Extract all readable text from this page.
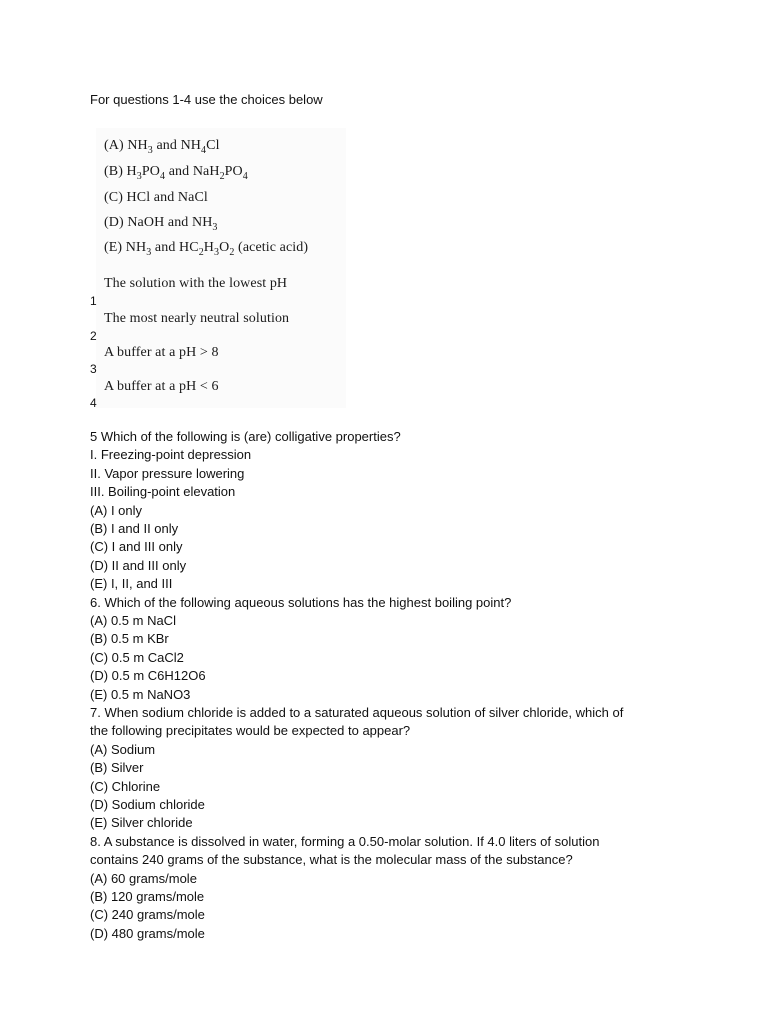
For questions 1-4 use the choices below
(A) $NH_3$ and $NH_4Cl$
(B) $H_3PO_4$ and $NaH_2PO_4$
(C) HCl and NaCl
(D) NaOH and $NH_3$
(E) $NH_3$ and $HC_2H_3O_2$ (acetic acid)
The solution with the lowest pH
The most nearly neutral solution
A buffer at a pH > 8
A buffer at a pH < 6
1
2
3
4
5 Which of the following is (are) colligative properties?
I. Freezing-point depression
II. Vapor pressure lowering
III. Boiling-point elevation
(A) I only
(B) I and II only
(C) I and III only
(D) II and III only
(E) I, II, and III
6. Which of the following aqueous solutions has the highest boiling point?
(A) 0.5 m NaCl
(B) 0.5 m KBr
(C) 0.5 m CaCl2
(D) 0.5 m C6H12O6
(E) 0.5 m NaNO3
7. When sodium chloride is added to a saturated aqueous solution of silver chloride, which of
the following precipitates would be expected to appear?
(A) Sodium
(B) Silver
(C) Chlorine
(D) Sodium chloride
(E) Silver chloride
8. A substance is dissolved in water, forming a 0.50-molar solution. If 4.0 liters of solution
contains 240 grams of the substance, what is the molecular mass of the substance?
(A) 60 grams/mole
(B) 120 grams/mole
(C) 240 grams/mole
(D) 480 grams/mole
